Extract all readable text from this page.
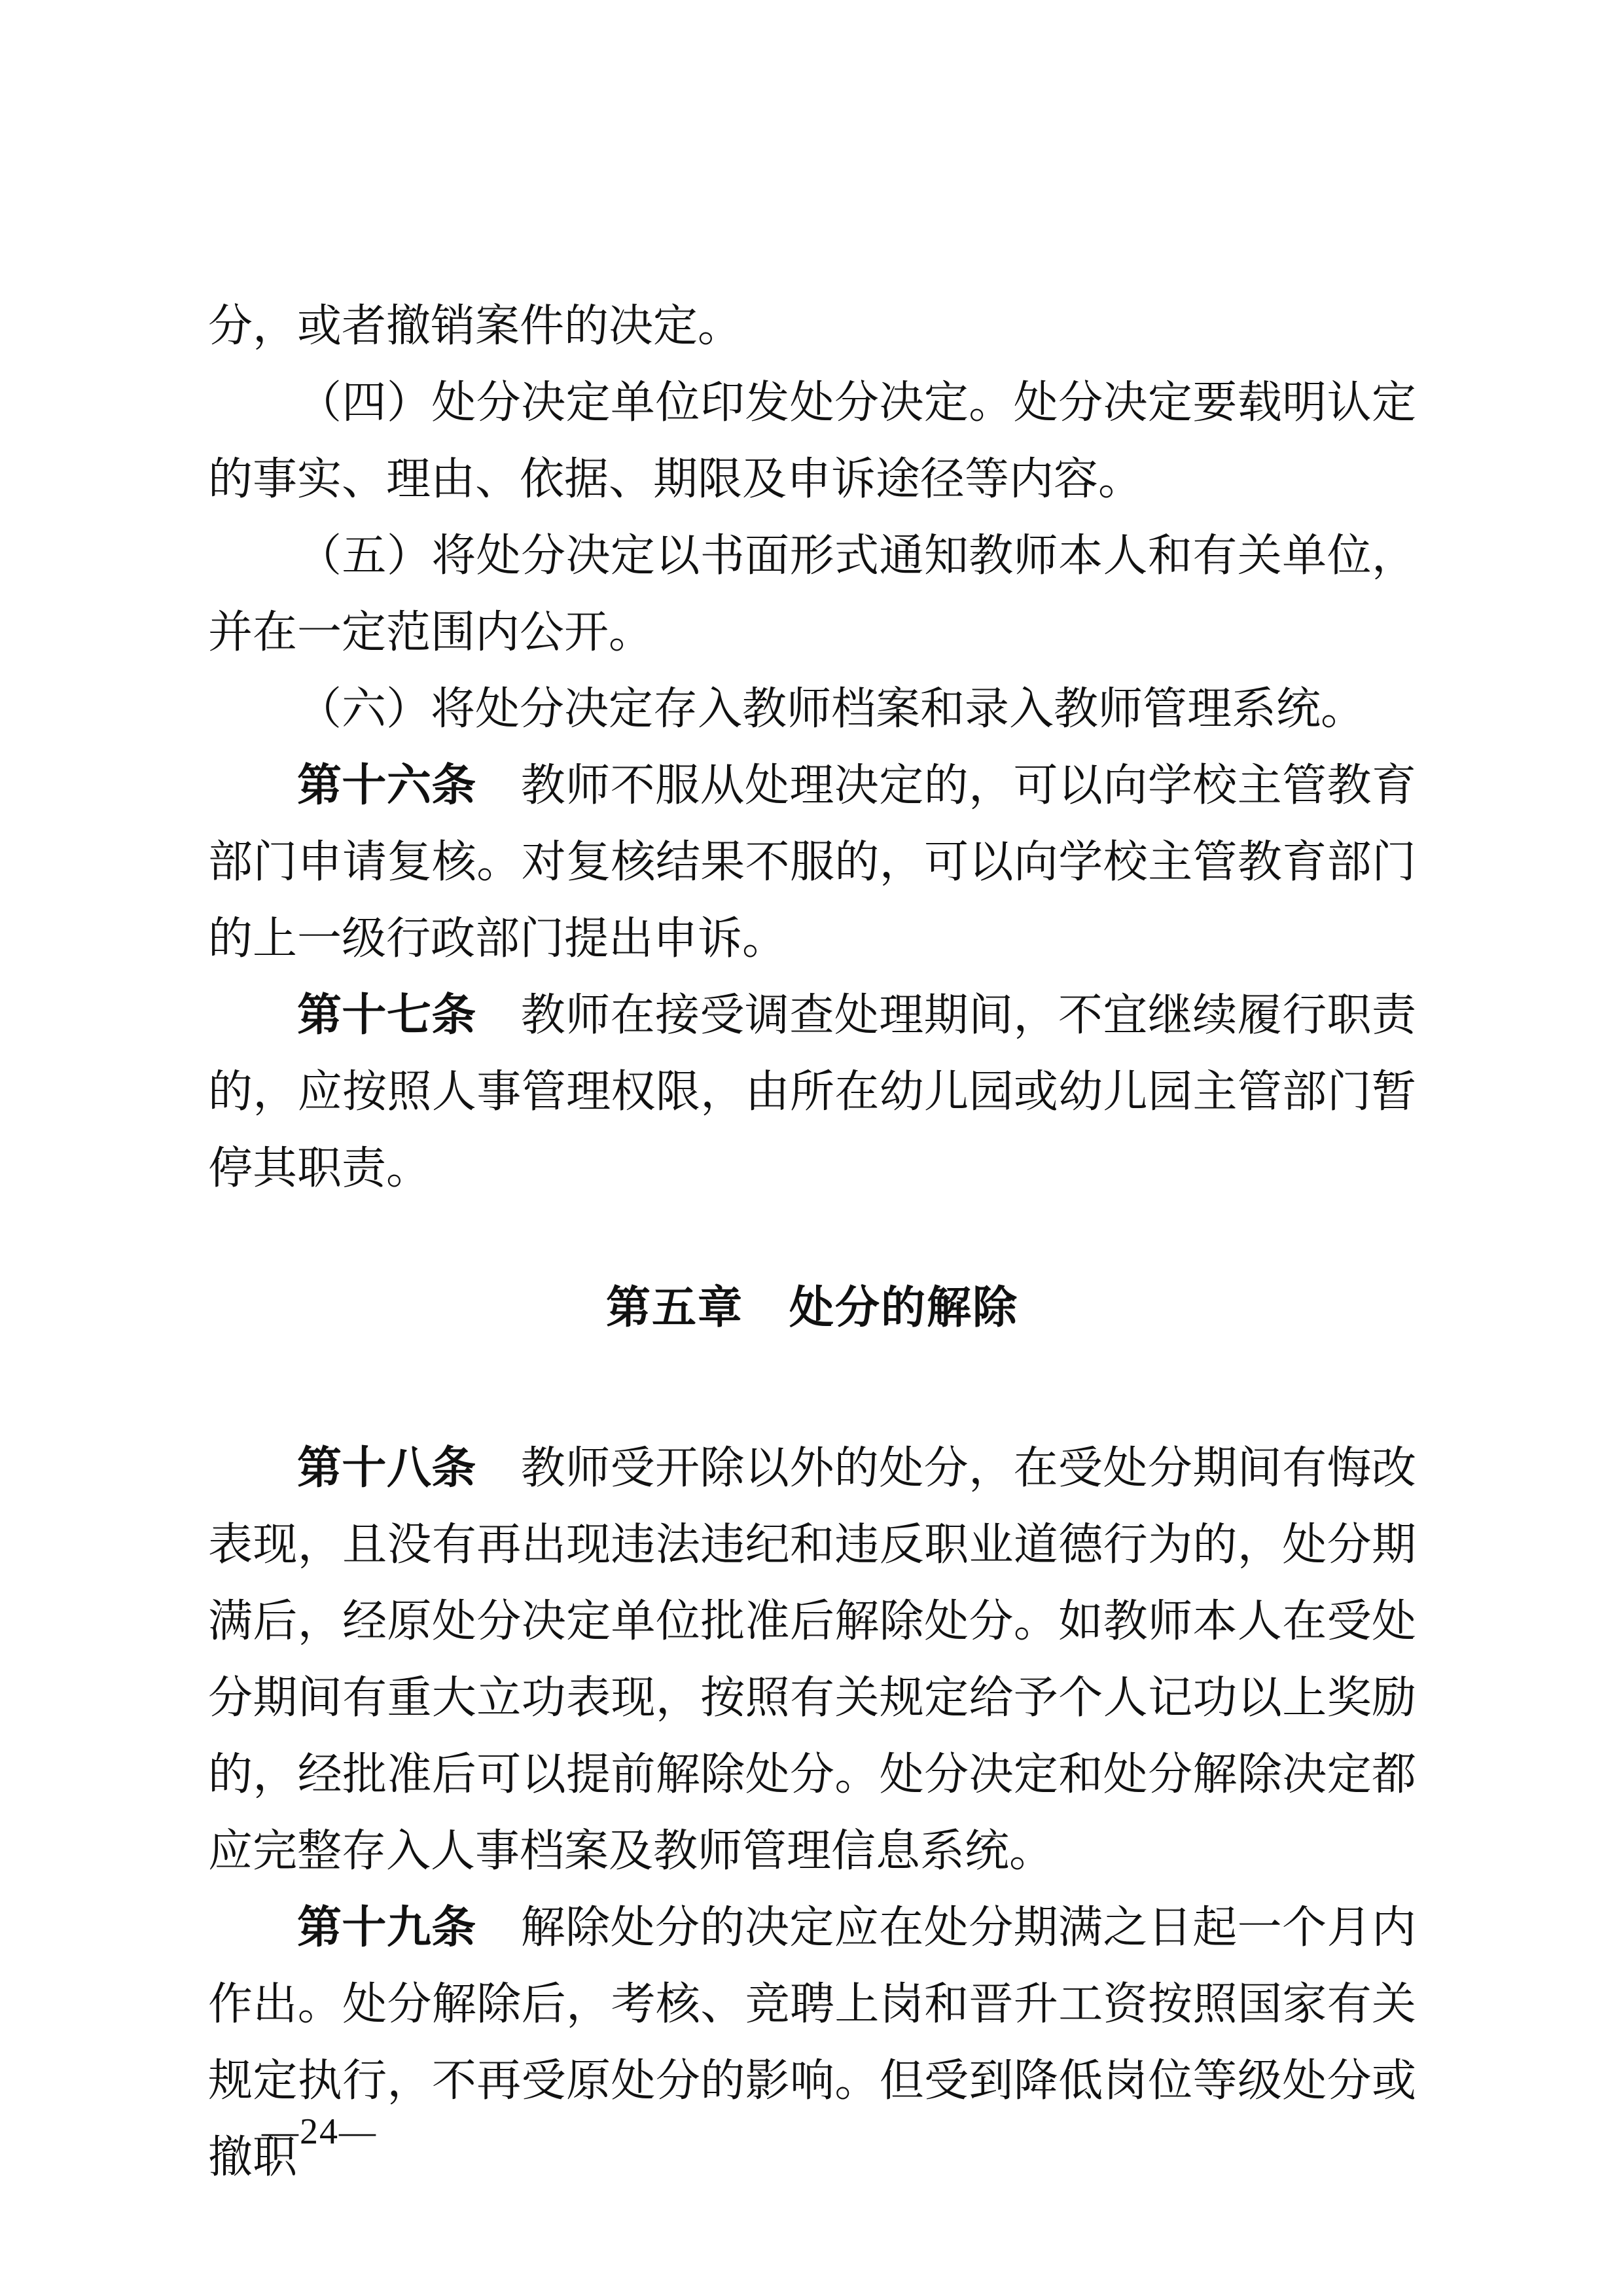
分，或者撤销案件的决定。

（四）处分决定单位印发处分决定。处分决定要载明认定的事实、理由、依据、期限及申诉途径等内容。

（五）将处分决定以书面形式通知教师本人和有关单位，并在一定范围内公开。

（六）将处分决定存入教师档案和录入教师管理系统。

第十六条 教师不服从处理决定的，可以向学校主管教育部门申请复核。对复核结果不服的，可以向学校主管教育部门的上一级行政部门提出申诉。

第十七条 教师在接受调查处理期间，不宜继续履行职责的，应按照人事管理权限，由所在幼儿园或幼儿园主管部门暂停其职责。

第五章　处分的解除

第十八条 教师受开除以外的处分，在受处分期间有悔改表现，且没有再出现违法违纪和违反职业道德行为的，处分期满后，经原处分决定单位批准后解除处分。如教师本人在受处分期间有重大立功表现，按照有关规定给予个人记功以上奖励的，经批准后可以提前解除处分。处分决定和处分解除决定都应完整存入人事档案及教师管理信息系统。

第十九条 解除处分的决定应在处分期满之日起一个月内作出。处分解除后，考核、竞聘上岗和晋升工资按照国家有关规定执行，不再受原处分的影响。但受到降低岗位等级处分或撤职

—24—
